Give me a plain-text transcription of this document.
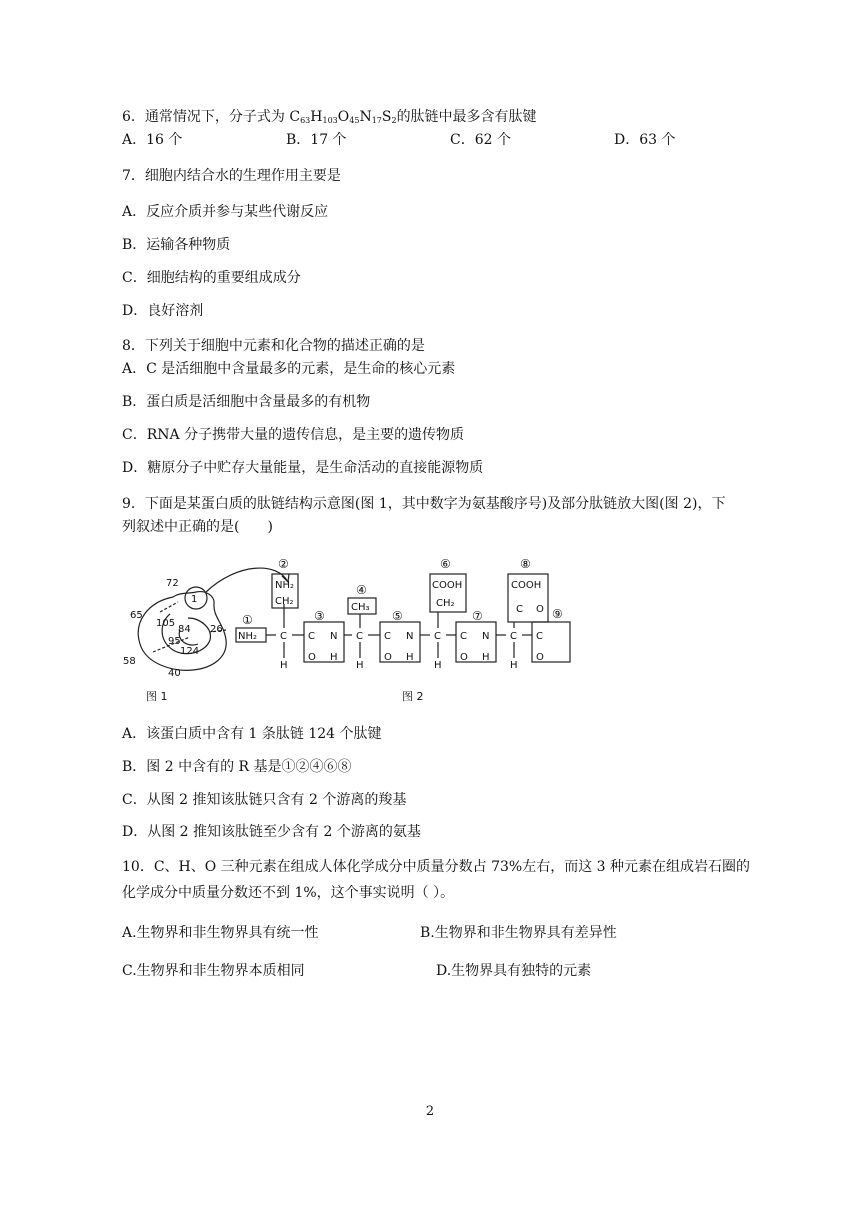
6．通常情况下，分子式为 $C_{63}H_{103}O_{45}N_{17}S_2$的肽链中最多含有肽键
A．16 个	B．17 个	C．62 个	D．63 个
7．细胞内结合水的生理作用主要是
A．反应介质并参与某些代谢反应
B．运输各种物质
C．细胞结构的重要组成成分
D．良好溶剂
8．下列关于细胞中元素和化合物的描述正确的是
A．C 是活细胞中含量最多的元素，是生命的核心元素
B．蛋白质是活细胞中含量最多的有机物
C．RNA 分子携带大量的遗传信息，是主要的遗传物质
D．糖原分子中贮存大量能量，是生命活动的直接能源物质
9．下面是某蛋白质的肽链结构示意图(图 1，其中数字为氨基酸序号)及部分肽链放大图(图 2)，下
列叙述中正确的是(　　)
72
65
105
84 26
95
124
58
40
1
图 1	图 2
①
②
③
④
⑤
⑥
⑦
⑧
⑨
NH₂
NH₂
CH₂
CH₃
COOH
CH₂
COOH
C
H
C N
O H
C
H
C N
O H
C
H
C N
O H
C
H
C O
C
O
A．该蛋白质中含有 1 条肽链 124 个肽键
B．图 2 中含有的 R 基是①②④⑥⑧
C．从图 2 推知该肽链只含有 2 个游离的羧基
D．从图 2 推知该肽链至少含有 2 个游离的氨基
10．C、H、O 三种元素在组成人体化学成分中质量分数占 73%左右，而这 3 种元素在组成岩石圈的
化学成分中质量分数还不到 1%，这个事实说明（ ）。
A.生物界和非生物界具有统一性	B.生物界和非生物界具有差异性
C.生物界和非生物界本质相同	D.生物界具有独特的元素
2
